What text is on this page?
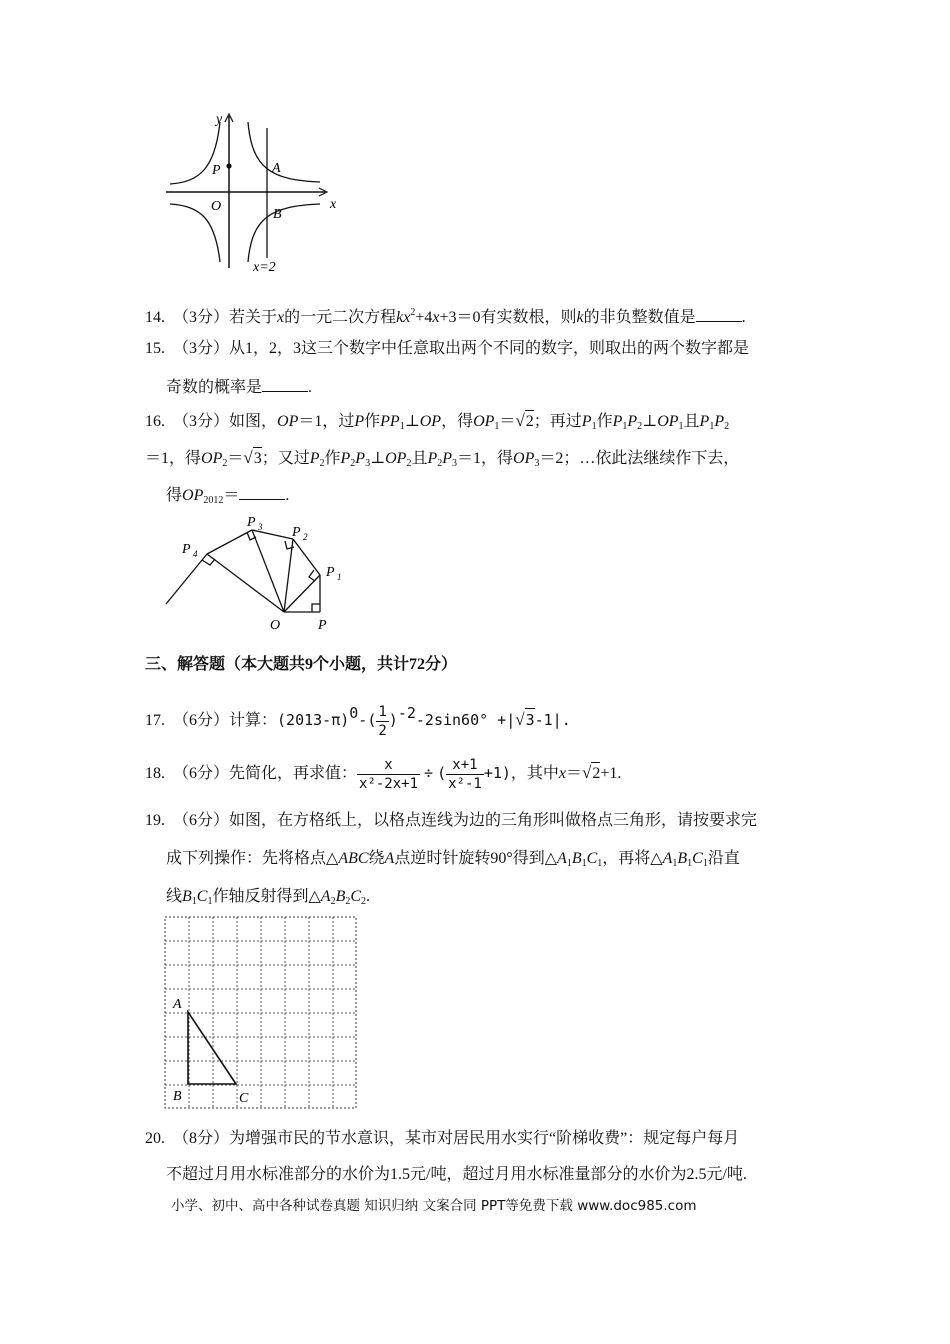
y
x
P
O
A
B
x=2
14. （3分）若关于x的一元二次方程$kx^2+4x+3=0$有实数根，则k的非负整数值是	.
15. （3分）从1，2，3这三个数字中任意取出两个不同的数字，则取出的两个数字都是
奇数的概率是	.
16. （3分）如图，OP＝1，过P作$PP_1\perp OP$，得$OP_1=√2$；再过$P_1$作$P_1P_2\perp OP_1$且$P_1P_2$
＝1，得$OP_2=√3$；又过$P_2$作$P_2P_3\perp OP_2$且$P_2P_3=1$，得$OP_3=2$；…依此法继续作下去，
得$OP_{2012}=$	.
P 4
P 3 P 2
P 1
O	P
三、解答题（本大题共9个小题，共计72分）
17. （6分）计算：$(2013-\pi)0-( \frac{1}{2} )-2-2\sin 60^\circ +|√3-1|$.
18. （6分）先简化，再求值： $\frac{x}{\text{x²-2x+1}}$ ÷ ( $\frac{x+1}{\text{x²-1}} +1$)，其中x＝√2+1.
19. （6分）如图，在方格纸上，以格点连线为边的三角形叫做格点三角形，请按要求完
成下列操作：先将格点△ABC绕A点逆时针旋转90°得到$\triangle A_1B_1C_1$，再将$\triangle A_1B_1C_1$沿直
线$B_1C_1$作轴反射得到$\triangle A_2B_2C_2$.
A
B	C
20. （8分）为增强市民的节水意识，某市对居民用水实行“阶梯收费”：规定每户每月
不超过月用水标准部分的水价为1.5元/吨，超过月用水标准量部分的水价为2.5元/吨.
小学、初中、高中各种试卷真题 知识归纳 文案合同 PPT等免费下载 www.doc985.com
